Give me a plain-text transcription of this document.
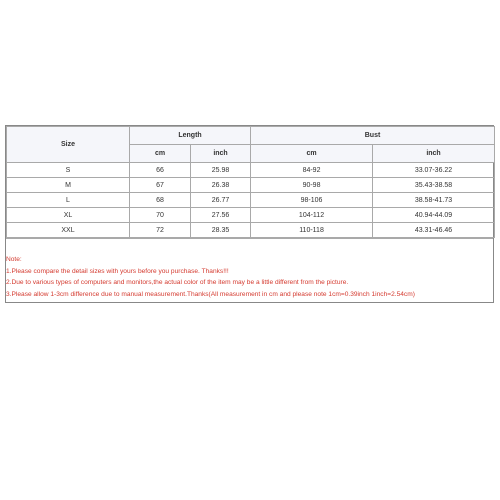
Size	Length		Bust	
	cm	inch	cm	inch
S	66	25.98	84-92	33.07-36.22
M	67	26.38	90-98	35.43-38.58
L	68	26.77	98-106	38.58-41.73
XL	70	27.56	104-112	40.94-44.09
XXL	72	28.35	110-118	43.31-46.46
Note:
1.Please compare the detail sizes with yours before you purchase. Thanks!!!
2.Due to various types of computers and monitors,the actual color of the item may be a little different from the picture.
3.Please allow 1-3cm difference due to manual measurement.Thanks(All measurement in cm and please note 1cm=0.39inch 1inch=2.54cm)
